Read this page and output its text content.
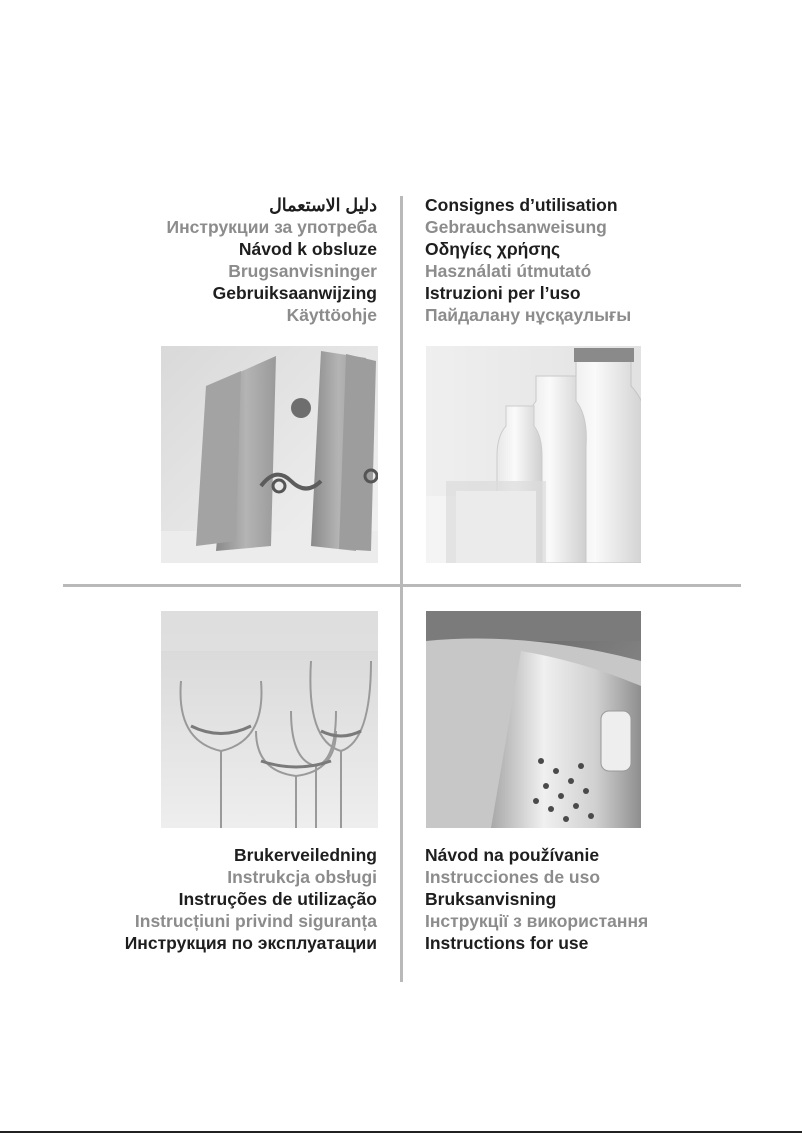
دليل الاستعمال
Инструкции за употреба
Návod k obsluze
Brugsanvisninger
Gebruiksaanwijzing
Käyttöohje
Consignes d’utilisation
Gebrauchsanweisung
Οδηγίες χρήσης
Használati útmutató
Istruzioni per l’uso
Пайдалану нұсқаулығы
Brukerveiledning
Instrukcja obsługi
Instruções de utilização
Instrucțiuni privind siguranța
Инструкция по эксплуатации
Návod na používanie
Instrucciones de uso
Bruksanvisning
Інструкції з використання
Instructions for use
